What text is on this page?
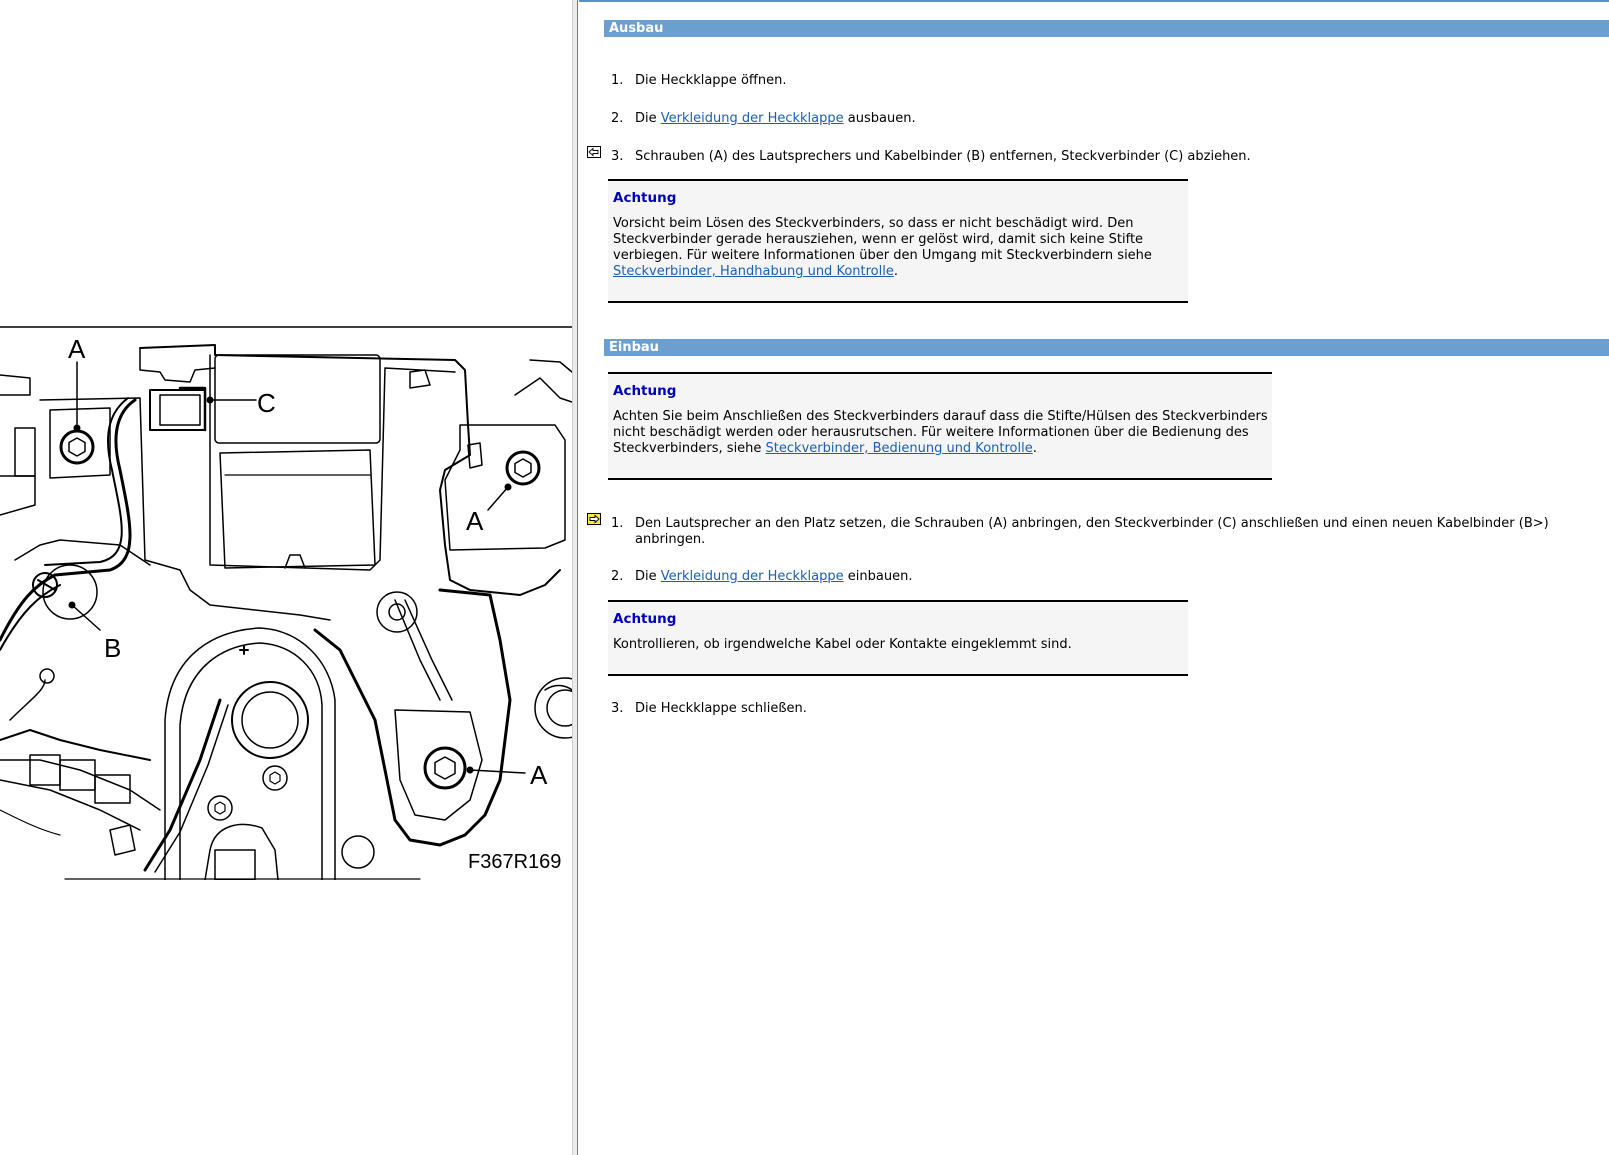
A
C
A
B
A
F367R169
Ausbau
1. Die Heckklappe öffnen.
2. Die Verkleidung der Heckklappe ausbauen.
3. Schrauben (A) des Lautsprechers und Kabelbinder (B) entfernen, Steckverbinder (C) abziehen.
Achtung
Vorsicht beim Lösen des Steckverbinders, so dass er nicht beschädigt wird. Den Steckverbinder gerade herausziehen, wenn er gelöst wird, damit sich keine Stifte verbiegen. Für weitere Informationen über den Umgang mit Steckverbindern siehe Steckverbinder, Handhabung und Kontrolle.
Einbau
Achtung
Achten Sie beim Anschließen des Steckverbinders darauf dass die Stifte/Hülsen des Steckverbinders nicht beschädigt werden oder herausrutschen. Für weitere Informationen über die Bedienung des Steckverbinders, siehe Steckverbinder, Bedienung und Kontrolle.
1. Den Lautsprecher an den Platz setzen, die Schrauben (A) anbringen, den Steckverbinder (C) anschließen und einen neuen Kabelbinder (B>) anbringen.
2. Die Verkleidung der Heckklappe einbauen.
Achtung
Kontrollieren, ob irgendwelche Kabel oder Kontakte eingeklemmt sind.
3. Die Heckklappe schließen.
